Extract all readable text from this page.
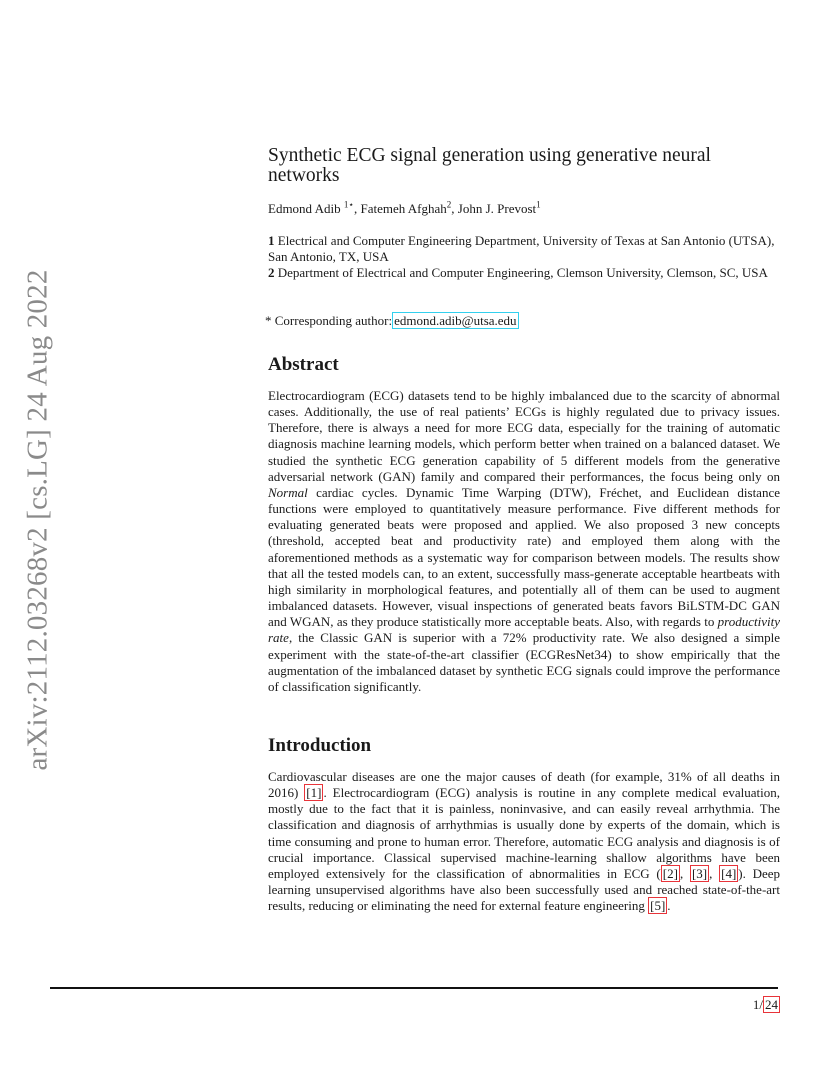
arXiv:2112.03268v2 [cs.LG] 24 Aug 2022
Synthetic ECG signal generation using generative neural networks
Edmond Adib $^{1⋆}$, Fatemeh Afghah$^2$, John J. Prevost$^1$
1 Electrical and Computer Engineering Department, University of Texas at San Antonio (UTSA), San Antonio, TX, USA
2 Department of Electrical and Computer Engineering, Clemson University, Clemson, SC, USA
* Corresponding author: edmond.adib@utsa.edu
Abstract

Electrocardiogram (ECG) datasets tend to be highly imbalanced due to the scarcity of abnormal cases. Additionally, the use of real patients’ ECGs is highly regulated due to privacy issues. Therefore, there is always a need for more ECG data, especially for the training of automatic diagnosis machine learning models, which perform better when trained on a balanced dataset. We studied the synthetic ECG generation capability of 5 different models from the generative adversarial network (GAN) family and compared their performances, the focus being only on Normal cardiac cycles. Dynamic Time Warping (DTW), Fréchet, and Euclidean distance functions were employed to quantitatively measure performance. Five different methods for evaluating generated beats were proposed and applied. We also proposed 3 new concepts (threshold, accepted beat and productivity rate) and employed them along with the aforementioned methods as a systematic way for comparison between models. The results show that all the tested models can, to an extent, successfully mass-generate acceptable heartbeats with high similarity in morphological features, and potentially all of them can be used to augment imbalanced datasets. However, visual inspections of generated beats favors BiLSTM-DC GAN and WGAN, as they produce statistically more acceptable beats. Also, with regards to productivity rate, the Classic GAN is superior with a 72% productivity rate. We also designed a simple experiment with the state-of-the-art classifier (ECGResNet34) to show empirically that the augmentation of the imbalanced dataset by synthetic ECG signals could improve the performance of classification significantly.

Introduction

Cardiovascular diseases are one the major causes of death (for example, 31% of all deaths in 2016) [1] . Electrocardiogram (ECG) analysis is routine in any complete medical evaluation, mostly due to the fact that it is painless, noninvasive, and can easily reveal arrhythmia. The classification and diagnosis of arrhythmias is usually done by experts of the domain, which is time consuming and prone to human error. Therefore, automatic ECG analysis and diagnosis is of crucial importance. Classical supervised machine-learning shallow algorithms have been employed extensively for the classification of abnormalities in ECG ( [2] , [3] , [4] ). Deep learning unsupervised algorithms have also been successfully used and reached state-of-the-art results, reducing or eliminating the need for external feature engineering [5] .

1/ 24
